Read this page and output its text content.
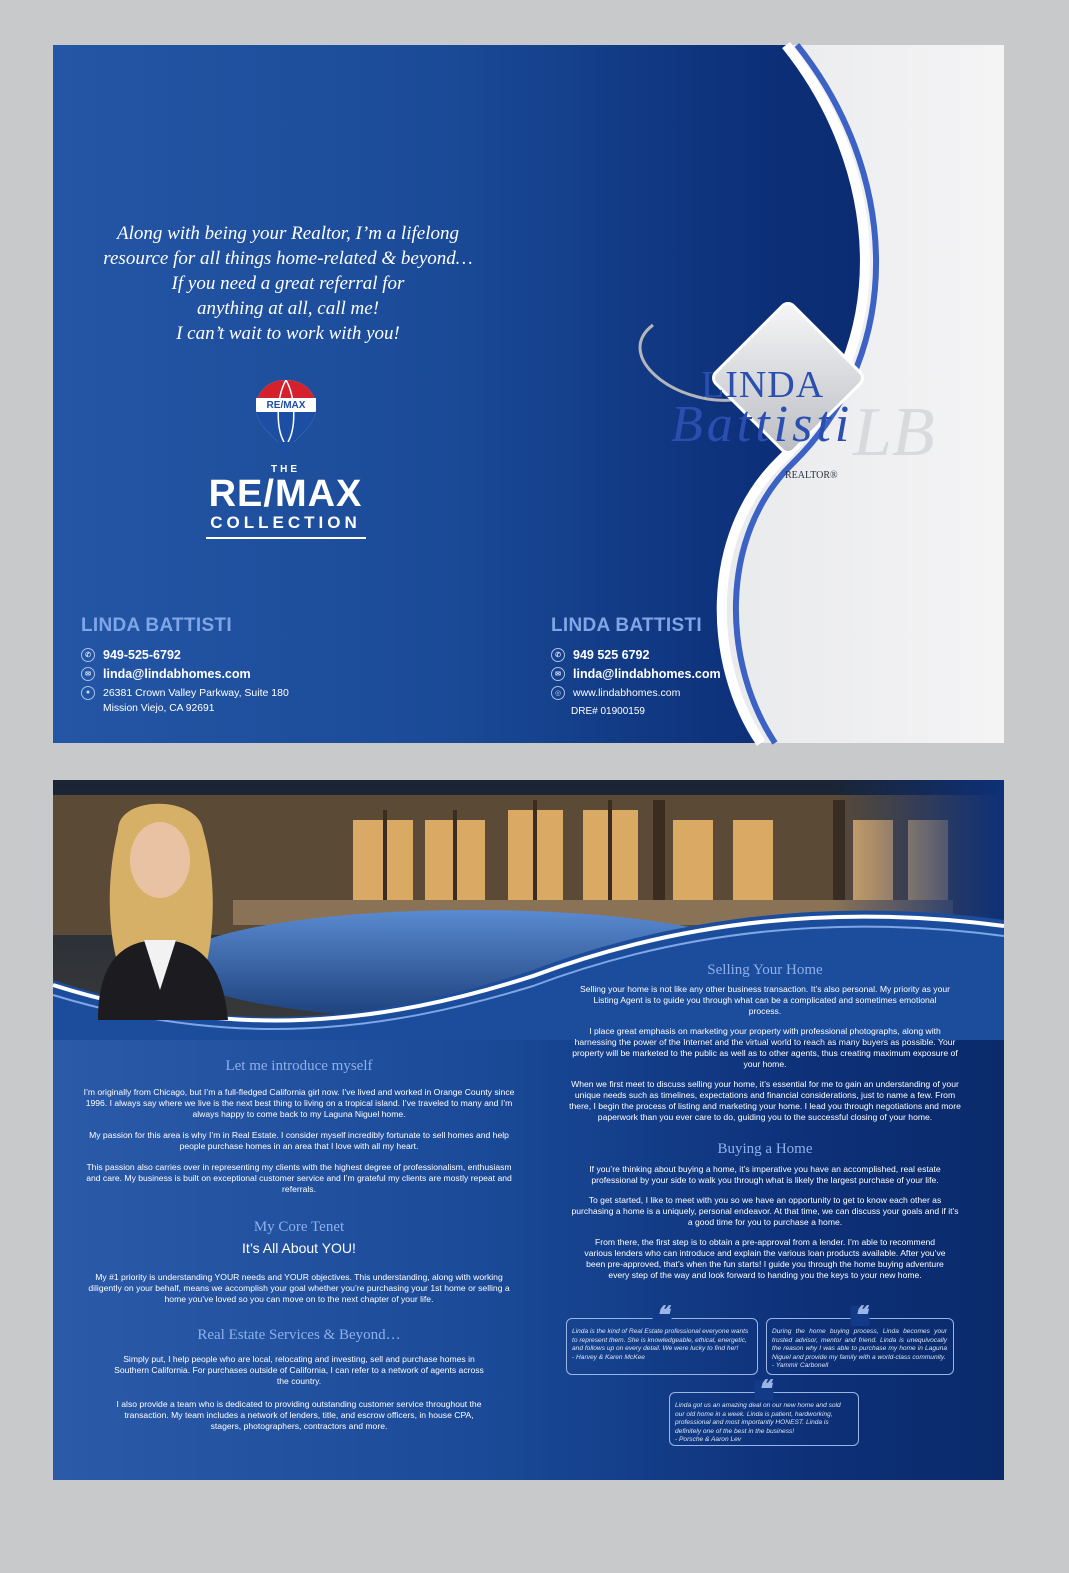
Along with being your Realtor, I’m a lifelong
resource for all things home-related & beyond…
If you need a great referral for
anything at all, call me!
I can’t wait to work with you!
RE/MAX
THE
RE/MAX
COLLECTION
LB
LINDA
Battisti
REALTOR®
LINDA BATTISTI
✆ 949-525-6792
✉ linda@lindabhomes.com
●	26381 Crown Valley Parkway, Suite 180
Mission Viejo, CA 92691
LINDA BATTISTI
✆ 949 525 6792
✉ linda@lindabhomes.com
◎	www.lindabhomes.com
DRE# 01900159
Let me introduce myself
I’m originally from Chicago, but I’m a full-fledged California girl now. I’ve lived and worked in Orange County since 1996. I always say where we live is the next best thing to living on a tropical island. I’ve traveled to many and I’m always happy to come back to my Laguna Niguel home.
My passion for this area is why I’m in Real Estate. I consider myself incredibly fortunate to sell homes and help people purchase homes in an area that I love with all my heart.
This passion also carries over in representing my clients with the highest degree of professionalism, enthusiasm and care. My business is built on exceptional customer service and I’m grateful my clients are mostly repeat and referrals.
My Core Tenet
It’s All About YOU!
My #1 priority is understanding YOUR needs and YOUR objectives. This understanding, along with working diligently on your behalf, means we accomplish your goal whether you’re purchasing your 1st home or selling a home you’ve loved so you can move on to the next chapter of your life.
Real Estate Services & Beyond…
Simply put, I help people who are local, relocating and investing, sell and purchase homes in Southern California. For purchases outside of California, I can refer to a network of agents across the country.
I also provide a team who is dedicated to providing outstanding customer service throughout the transaction. My team includes a network of lenders, title, and escrow officers, in house CPA, stagers, photographers, contractors and more.
Selling Your Home
Selling your home is not like any other business transaction. It’s also personal. My priority as your Listing Agent is to guide you through what can be a complicated and sometimes emotional process.
I place great emphasis on marketing your property with professional photographs, along with harnessing the power of the Internet and the virtual world to reach as many buyers as possible. Your property will be marketed to the public as well as to other agents, thus creating maximum exposure of your home.
When we first meet to discuss selling your home, it’s essential for me to gain an understanding of your unique needs such as timelines, expectations and financial considerations, just to name a few. From there, I begin the process of listing and marketing your home. I lead you through negotiations and more paperwork than you ever care to do, guiding you to the successful closing of your home.
Buying a Home
If you’re thinking about buying a home, it’s imperative you have an accomplished, real estate professional by your side to walk you through what is likely the largest purchase of your life.
To get started, I like to meet with you so we have an opportunity to get to know each other as purchasing a home is a uniquely, personal endeavor. At that time, we can discuss your goals and if it’s a good time for you to purchase a home.
From there, the first step is to obtain a pre-approval from a lender. I’m able to recommend various lenders who can introduce and explain the various loan products available. After you’ve been pre-approved, that’s when the fun starts! I guide you through the home buying adventure every step of the way and look forward to handing you the keys to your new home.
❝
Linda is the kind of Real Estate professional everyone wants to represent them. She is knowledgeable, ethical, energetic, and follows up on every detail. We were lucky to find her!
- Harvey & Karen McKee
❝
During the home buying process, Linda becomes your trusted advisor, mentor and friend. Linda is unequivocally the reason why I was able to purchase my home in Laguna Niguel and provide my family with a world-class community.
- Yammir Carbonell
❝
Linda got us an amazing deal on our new home and sold our old home in a week. Linda is patient, hardworking, professional and most importantly HONEST. Linda is definitely one of the best in the business!
- Porsche & Aaron Lev
